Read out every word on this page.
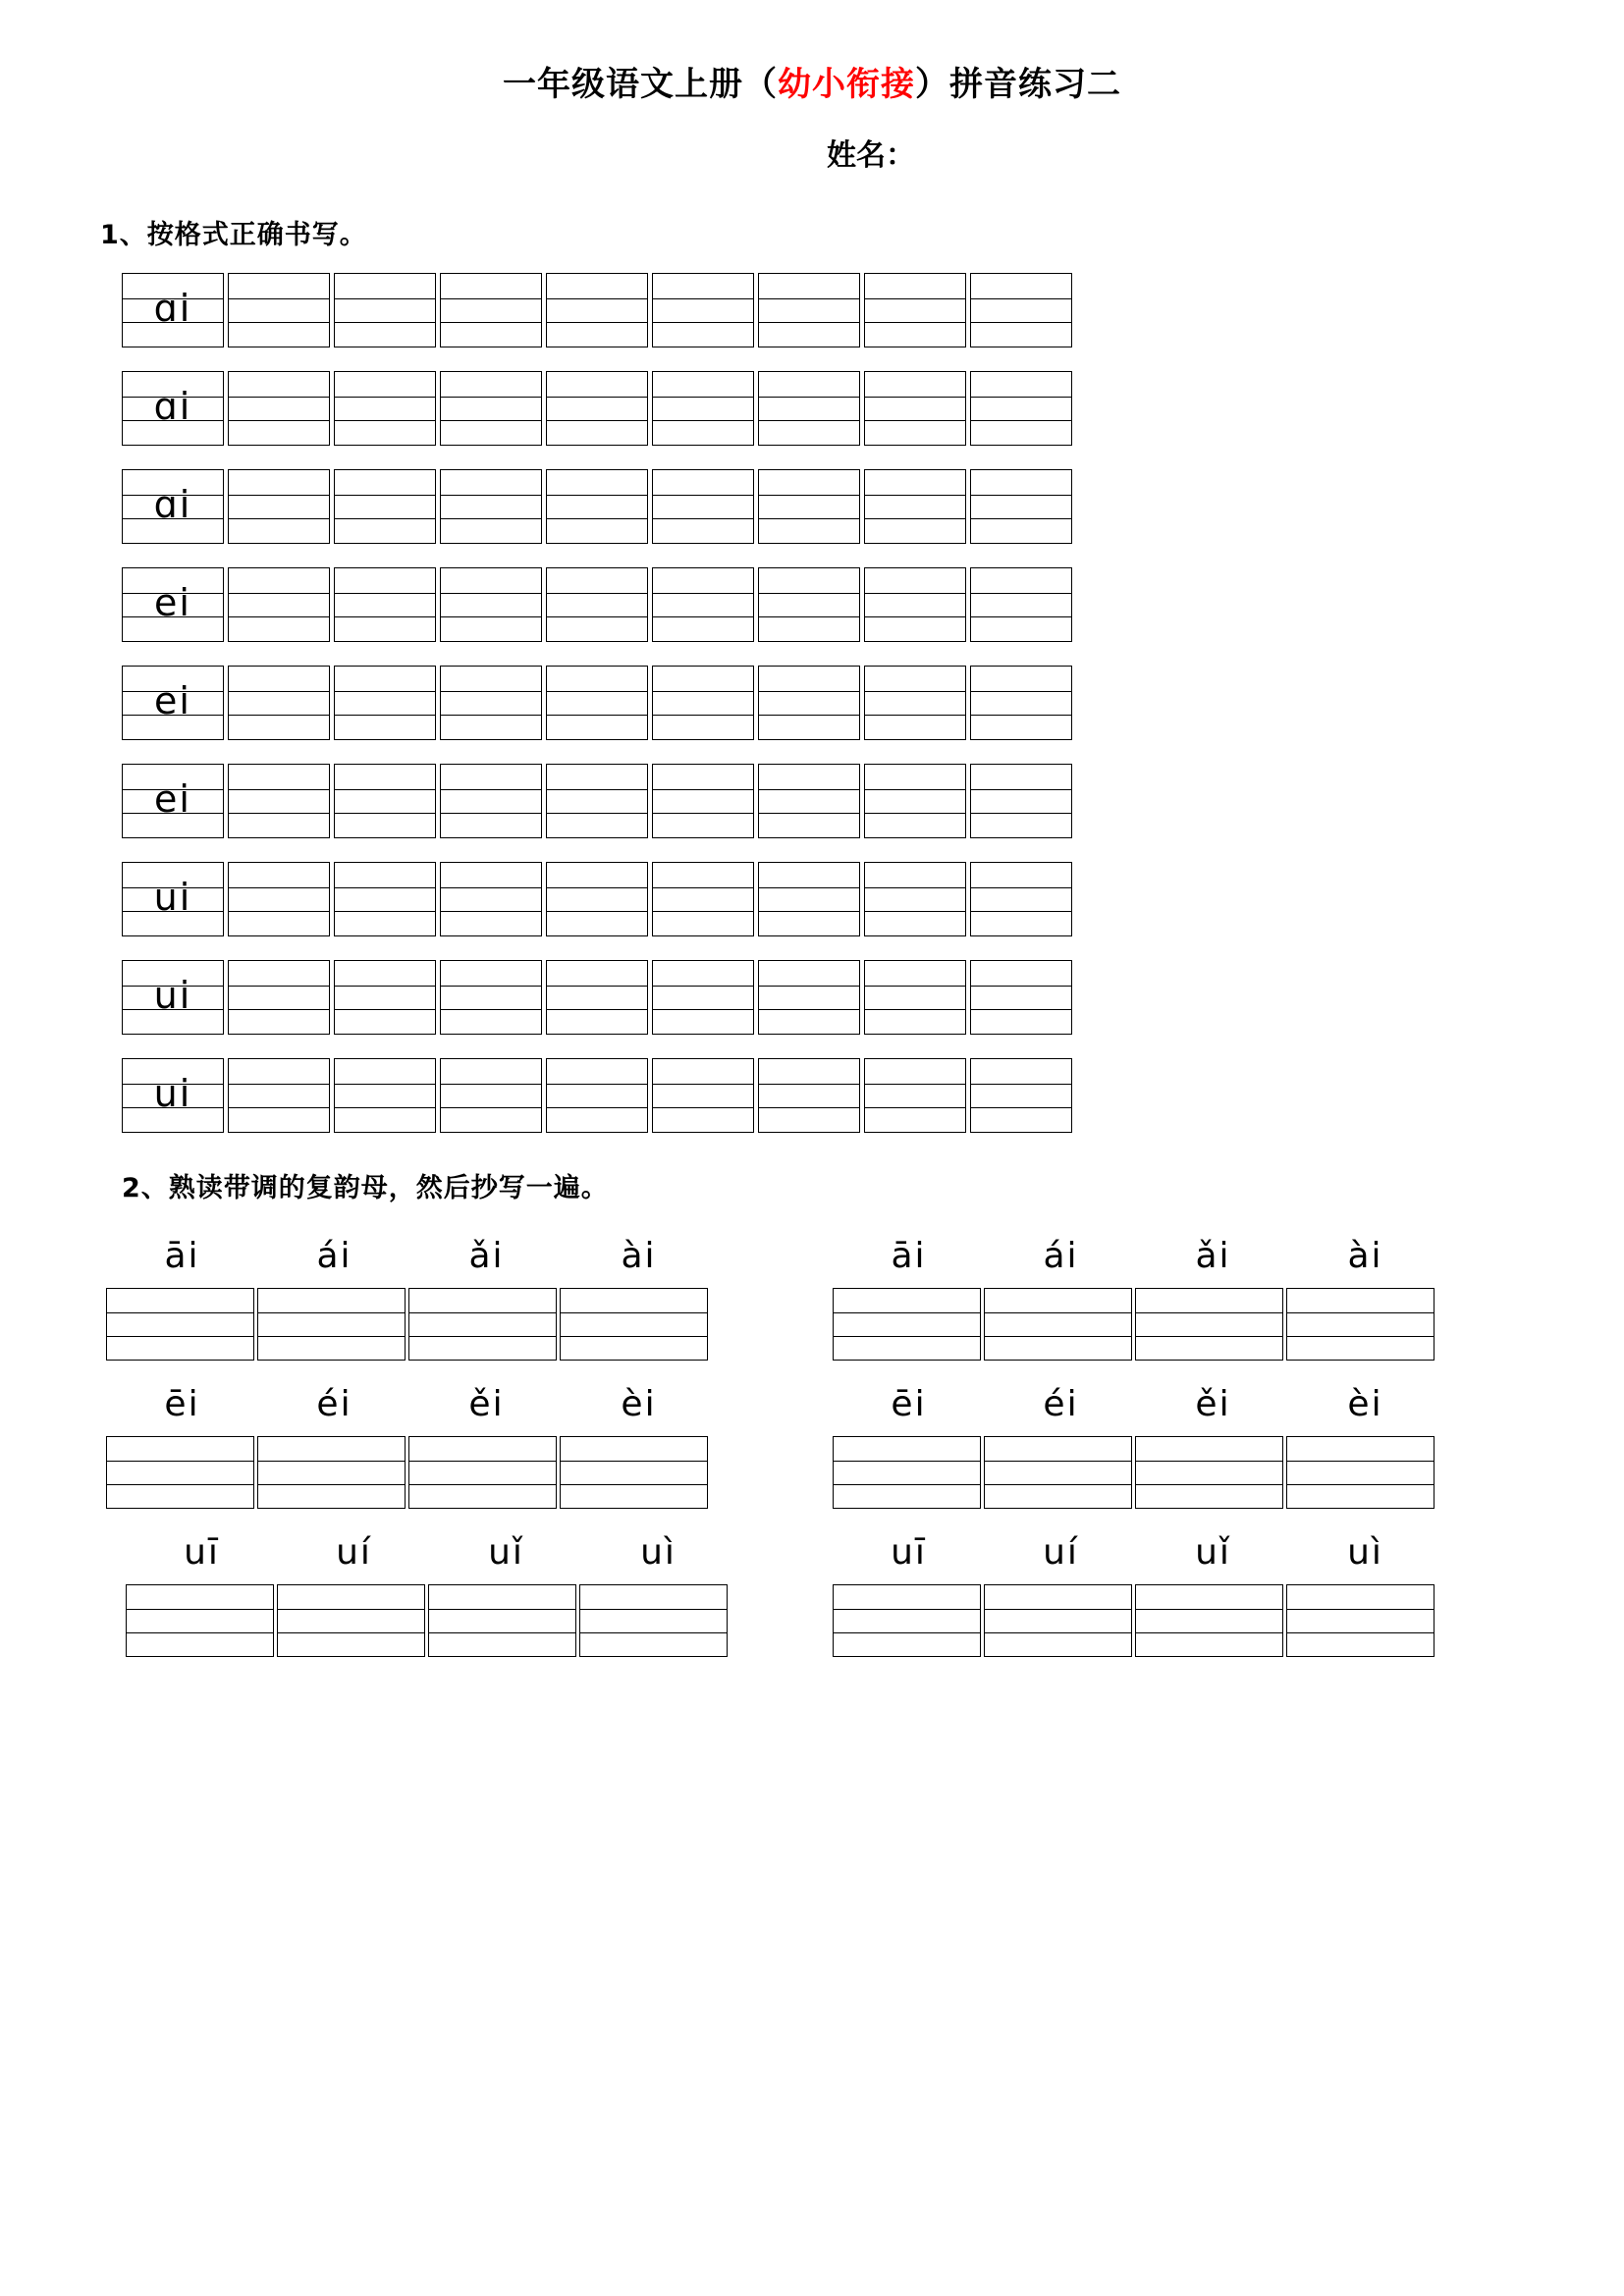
一年级语文上册（幼小衔接）拼音练习二
姓名：
1、按格式正确书写。
ɑi
ɑi
ɑi
ei
ei
ei
ui
ui
ui
2、熟读带调的复韵母，然后抄写一遍。
āi	ái	ǎi	ài	āi	ái	ǎi	ài
ēi	éi	ěi	èi	ēi	éi	ěi	èi
uī	uí	uǐ	uì	uī	uí	uǐ	uì
